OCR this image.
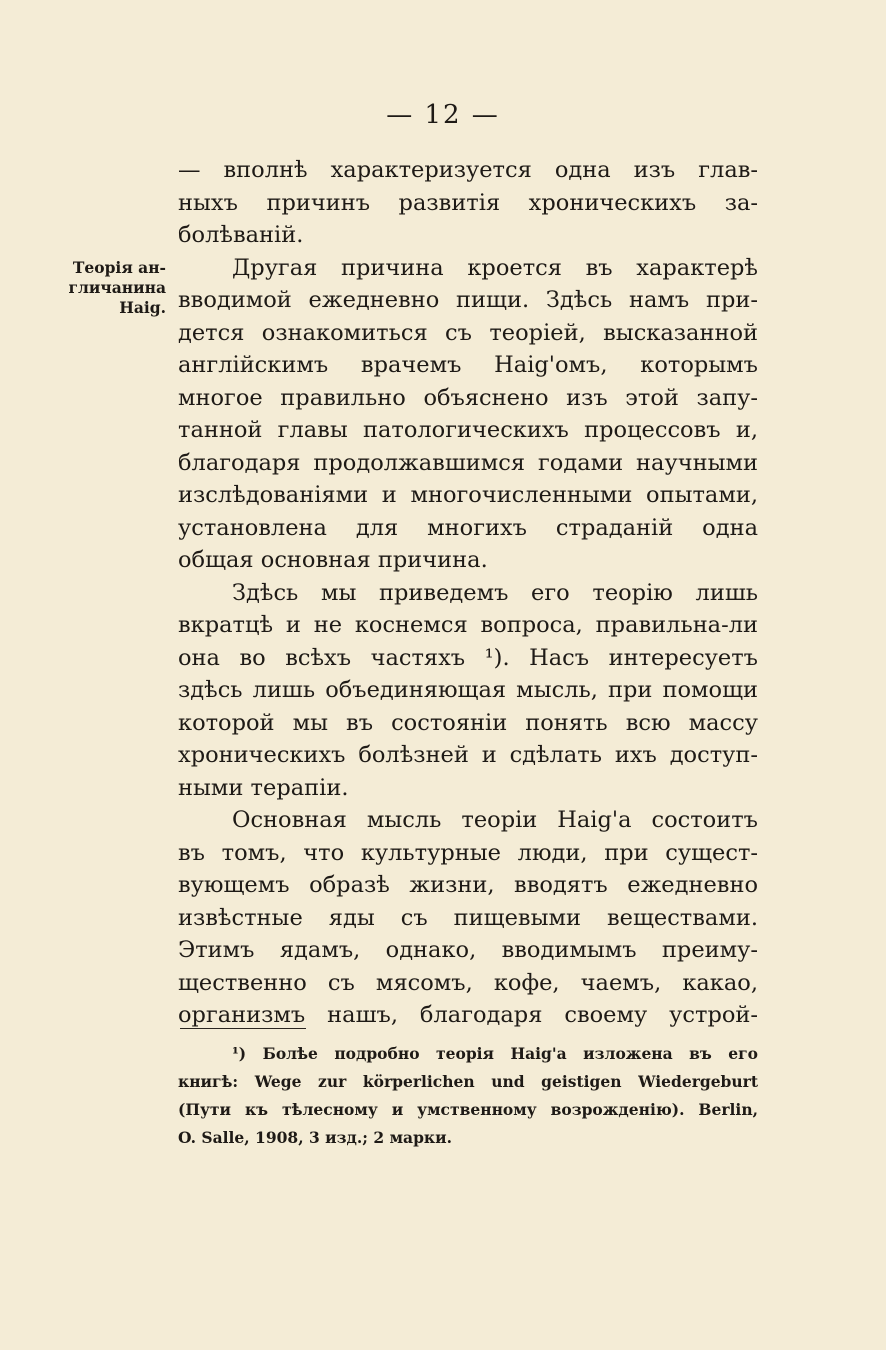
— 12 —
Теорія ан-
гличанина
Haig.
— вполнѣ характеризуется одна изъ глав-
ныхъ причинъ развитія хроническихъ за-
болѣваній.
Другая причина кроется въ характерѣ
вводимой ежедневно пищи. Здѣсь намъ при-
дется ознакомиться съ теоріей, высказанной
англійскимъ врачемъ Haig'омъ, которымъ
многое правильно объяснено изъ этой запу-
танной главы патологическихъ процессовъ и,
благодаря продолжавшимся годами научными
изслѣдованіями и многочисленными опытами,
установлена для многихъ страданій одна
общая основная причина.
Здѣсь мы приведемъ его теорію лишь
вкратцѣ и не коснемся вопроса, правильна-ли
она во всѣхъ частяхъ ¹). Насъ интересуетъ
здѣсь лишь объединяющая мысль, при помощи
которой мы въ состояніи понять всю массу
хроническихъ болѣзней и сдѣлать ихъ доступ-
ными терапіи.
Основная мысль теоріи Haig'a состоитъ
въ томъ, что культурные люди, при сущест-
вующемъ образѣ жизни, вводятъ ежедневно
извѣстные яды съ пищевыми веществами.
Этимъ ядамъ, однако, вводимымъ преиму-
щественно съ мясомъ, кофе, чаемъ, какао,
организмъ нашъ, благодаря своему устрой-
¹) Болѣе подробно теорія Haig'a изложена въ его
книгѣ: Wege zur körperlichen und geistigen Wiedergeburt
(Пути къ тѣлесному и умственному возрожденію). Berlin,
O. Salle, 1908, 3 изд.; 2 марки.
